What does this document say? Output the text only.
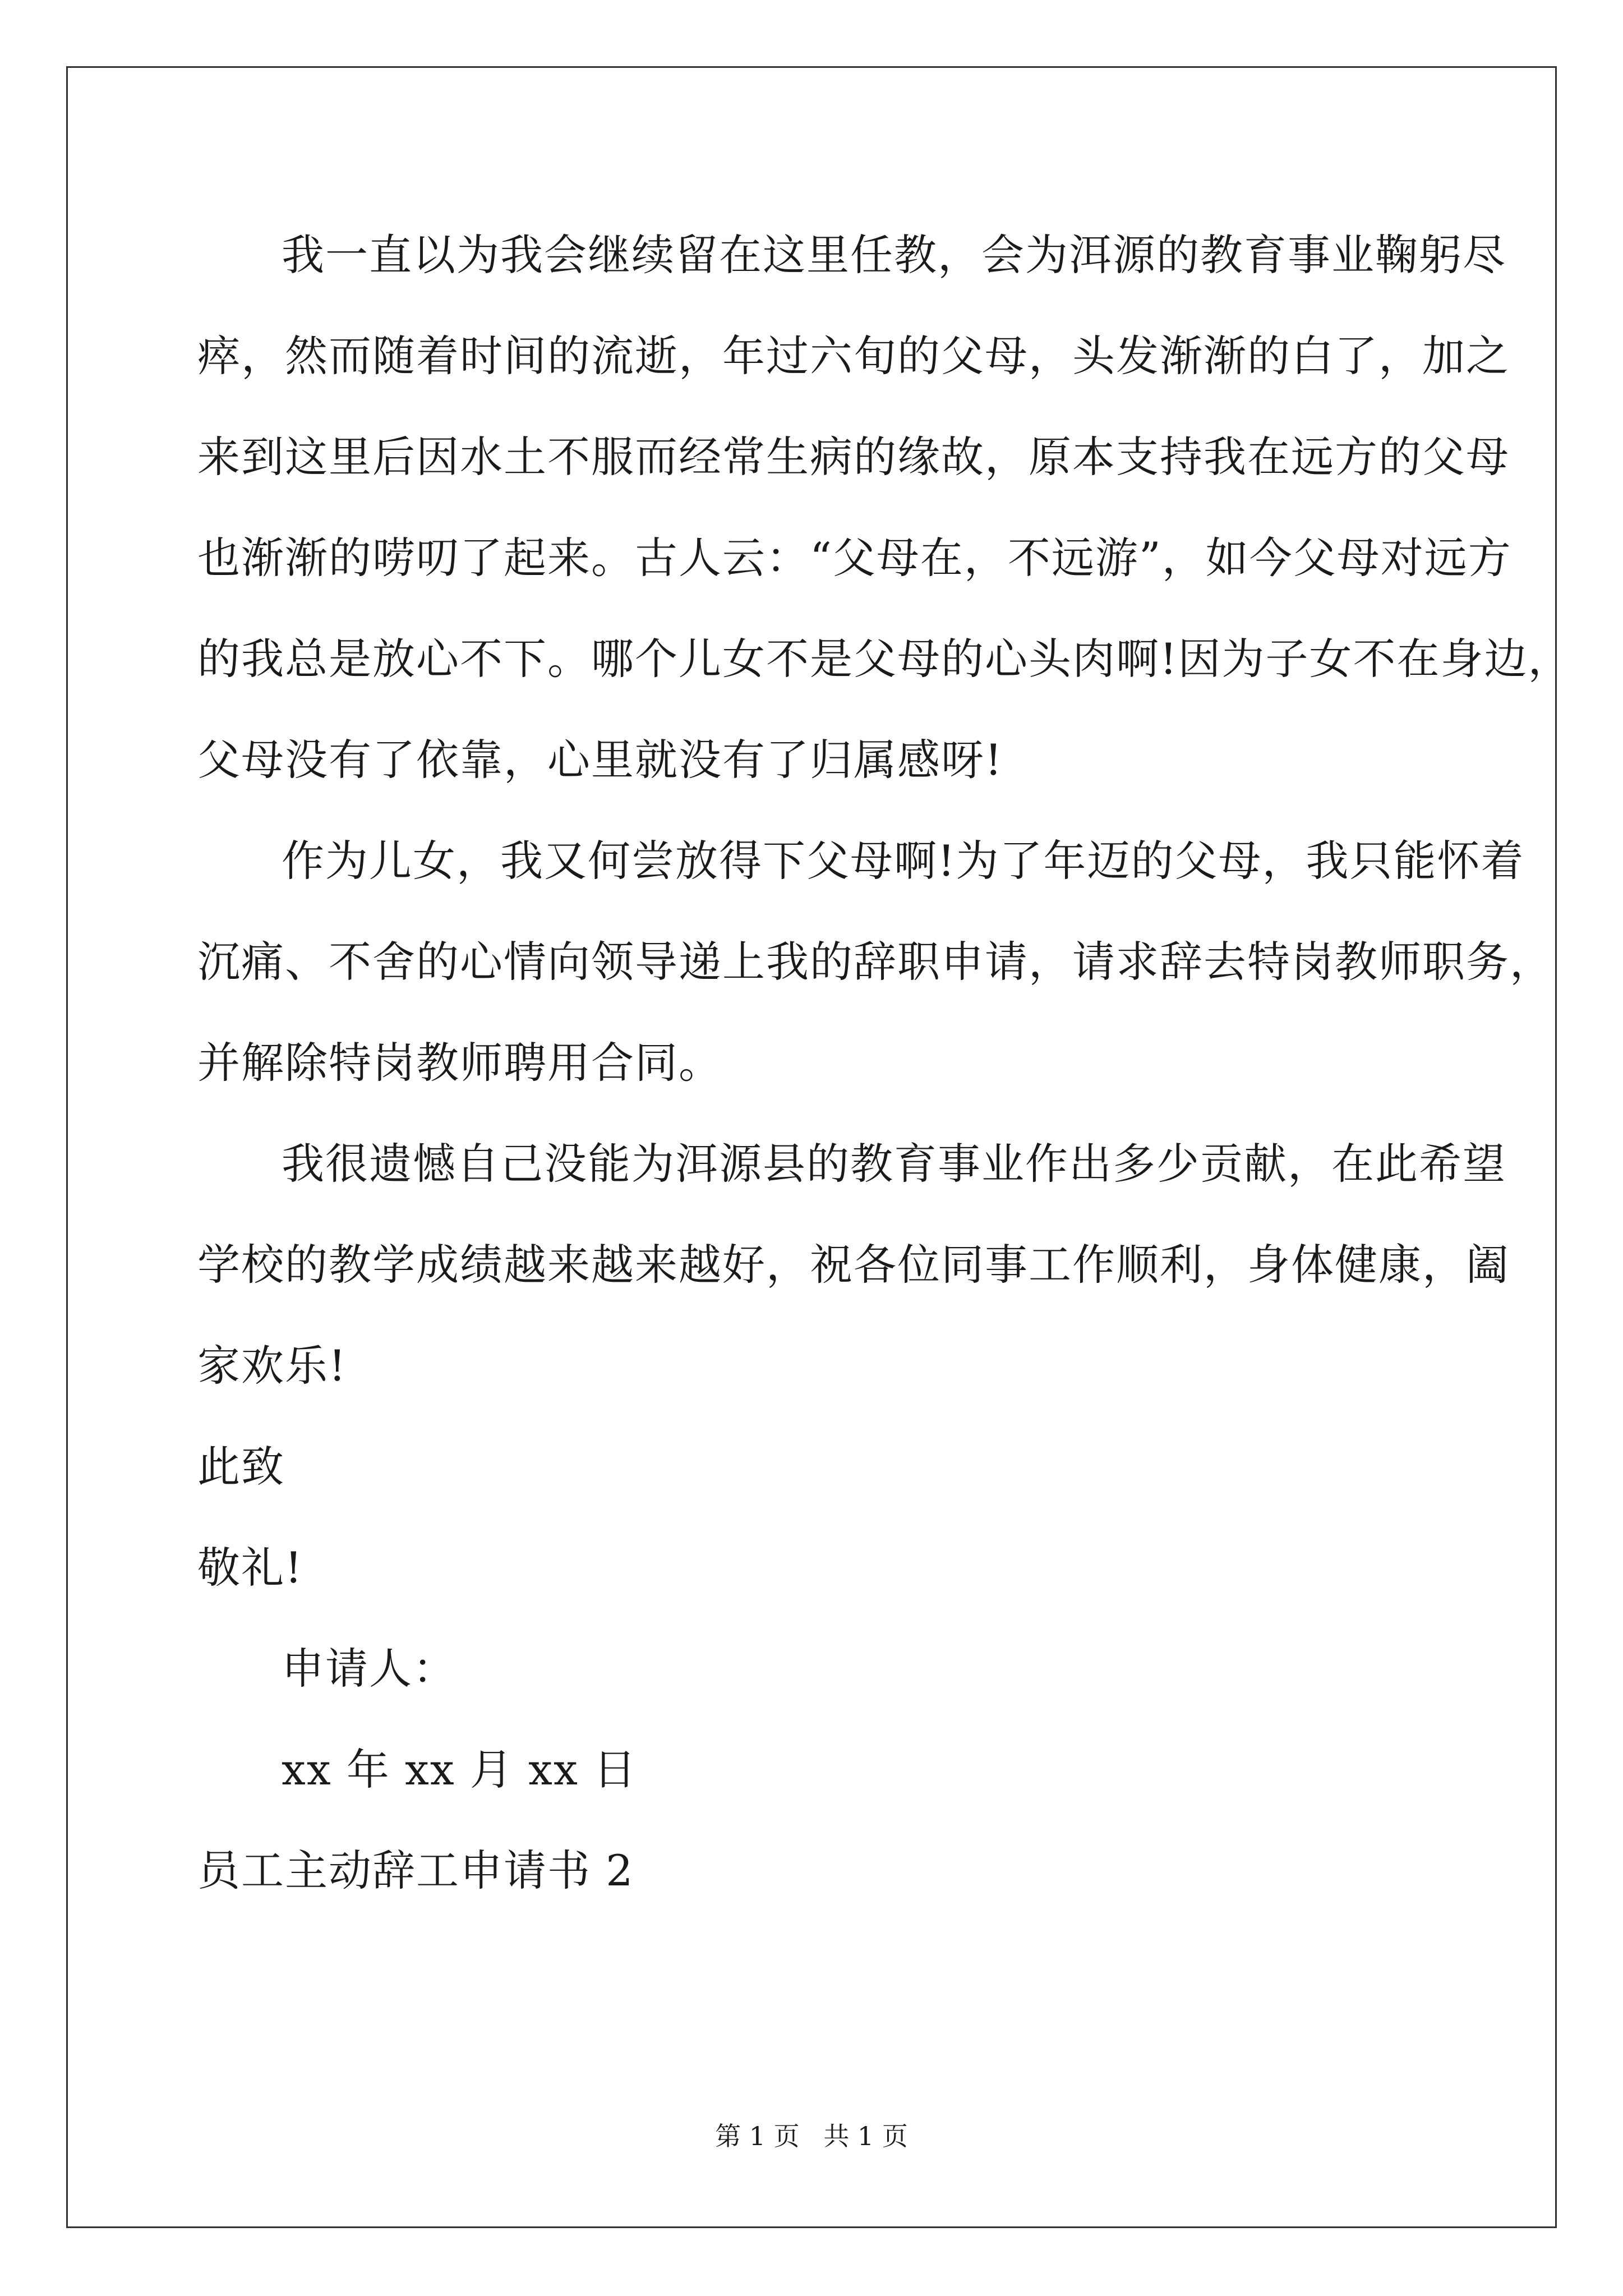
我一直以为我会继续留在这里任教，会为洱源的教育事业鞠躬尽
瘁，然而随着时间的流逝，年过六旬的父母，头发渐渐的白了，加之
来到这里后因水土不服而经常生病的缘故，原本支持我在远方的父母
也渐渐的唠叨了起来。古人云：“父母在，不远游”，如今父母对远方
的我总是放心不下。哪个儿女不是父母的心头肉啊!因为子女不在身边，
父母没有了依靠，心里就没有了归属感呀!
作为儿女，我又何尝放得下父母啊!为了年迈的父母，我只能怀着
沉痛、不舍的心情向领导递上我的辞职申请，请求辞去特岗教师职务，
并解除特岗教师聘用合同。
我很遗憾自己没能为洱源县的教育事业作出多少贡献，在此希望
学校的教学成绩越来越来越好，祝各位同事工作顺利，身体健康，阖
家欢乐!
此致
敬礼!
申请人：
xx 年 xx 月 xx 日
员工主动辞工申请书 2
第 1 页 共 1 页
